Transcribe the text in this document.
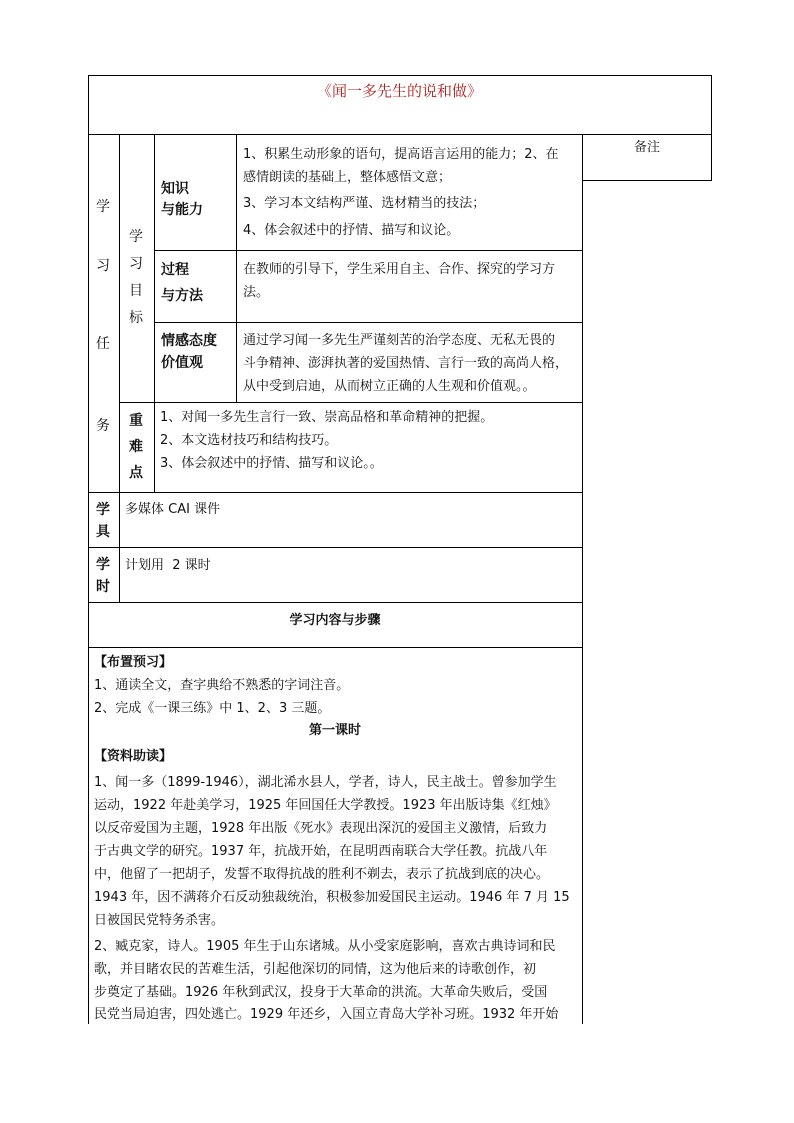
《闻一多先生的说和做》
备注
学
习
任
务
学
习
目
标
知识
与能力
1、积累生动形象的语句，提高语言运用的能力；2、在
感情朗读的基础上，整体感悟文意；
3、学习本文结构严谨、选材精当的技法；
4、体会叙述中的抒情、描写和议论。
过程
与方法
在教师的引导下，学生采用自主、合作、探究的学习方
法。
情感态度
价值观
通过学习闻一多先生严谨刻苦的治学态度、无私无畏的
斗争精神、澎湃执著的爱国热情、言行一致的高尚人格，
从中受到启迪，从而树立正确的人生观和价值观。。
重
难
点
1、对闻一多先生言行一致、崇高品格和革命精神的把握。
2、本文选材技巧和结构技巧。
3、体会叙述中的抒情、描写和议论。。
学
具
多媒体 CAI 课件
学
时
计划用  2 课时
学习内容与步骤
【布置预习】
1、通读全文，查字典给不熟悉的字词注音。
2、完成《一课三练》中 1、2、3 三题。
第一课时
【资料助读】
1、闻一多（1899-1946），湖北浠水县人，学者，诗人，民主战士。曾参加学生
运动，1922 年赴美学习，1925 年回国任大学教授。1923 年出版诗集《红烛》
以反帝爱国为主题，1928 年出版《死水》表现出深沉的爱国主义激情，后致力
于古典文学的研究。1937 年，抗战开始，在昆明西南联合大学任教。抗战八年
中，他留了一把胡子，发誓不取得抗战的胜利不剃去，表示了抗战到底的决心。
1943 年，因不满蒋介石反动独裁统治，积极参加爱国民主运动。1946 年 7 月 15
日被国民党特务杀害。
2、臧克家，诗人。1905 年生于山东诸城。从小受家庭影响，喜欢古典诗词和民
歌，并目睹农民的苦难生活，引起他深切的同情，这为他后来的诗歌创作，初
步奠定了基础。1926 年秋到武汉，投身于大革命的洪流。大革命失败后，受国
民党当局迫害，四处逃亡。1929 年还乡，入国立青岛大学补习班。1932 年开始
